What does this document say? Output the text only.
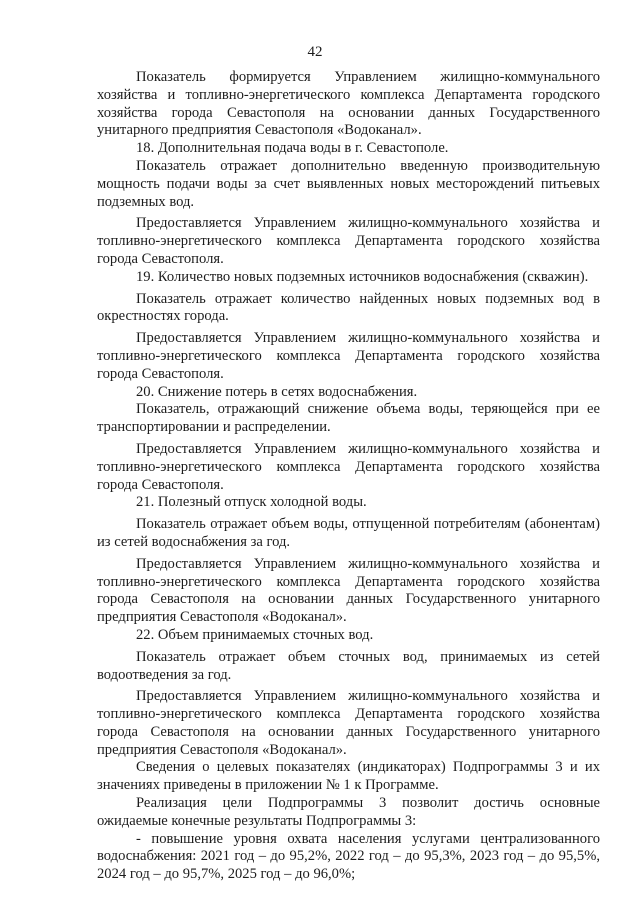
42

Показатель формируется Управлением жилищно-коммунального хозяйства и топливно-энергетического комплекса Департамента городского хозяйства города Севастополя на основании данных Государственного унитарного предприятия Севастополя «Водоканал».

18. Дополнительная подача воды в г. Севастополе.

Показатель отражает дополнительно введенную производительную мощность подачи воды за счет выявленных новых месторождений питьевых подземных вод.

Предоставляется Управлением жилищно-коммунального хозяйства и топливно-энергетического комплекса Департамента городского хозяйства города Севастополя.

19. Количество новых подземных источников водоснабжения (скважин).

Показатель отражает количество найденных новых подземных вод в окрестностях города.

Предоставляется Управлением жилищно-коммунального хозяйства и топливно-энергетического комплекса Департамента городского хозяйства города Севастополя.

20. Снижение потерь в сетях водоснабжения.

Показатель, отражающий снижение объема воды, теряющейся при ее транспортировании и распределении.

Предоставляется Управлением жилищно-коммунального хозяйства и топливно-энергетического комплекса Департамента городского хозяйства города Севастополя.

21. Полезный отпуск холодной воды.

Показатель отражает объем воды, отпущенной потребителям (абонентам) из сетей водоснабжения за год.

Предоставляется Управлением жилищно-коммунального хозяйства и топливно-энергетического комплекса Департамента городского хозяйства города Севастополя на основании данных Государственного унитарного предприятия Севастополя «Водоканал».

22. Объем принимаемых сточных вод.

Показатель отражает объем сточных вод, принимаемых из сетей водоотведения за год.

Предоставляется Управлением жилищно-коммунального хозяйства и топливно-энергетического комплекса Департамента городского хозяйства города Севастополя на основании данных Государственного унитарного предприятия Севастополя «Водоканал».

Сведения о целевых показателях (индикаторах) Подпрограммы 3 и их значениях приведены в приложении № 1 к Программе.

Реализация цели Подпрограммы 3 позволит достичь основные ожидаемые конечные результаты Подпрограммы 3:

- повышение уровня охвата населения услугами централизованного водоснабжения: 2021 год – до 95,2%, 2022 год – до 95,3%, 2023 год – до 95,5%, 2024 год – до 95,7%, 2025 год – до 96,0%;
